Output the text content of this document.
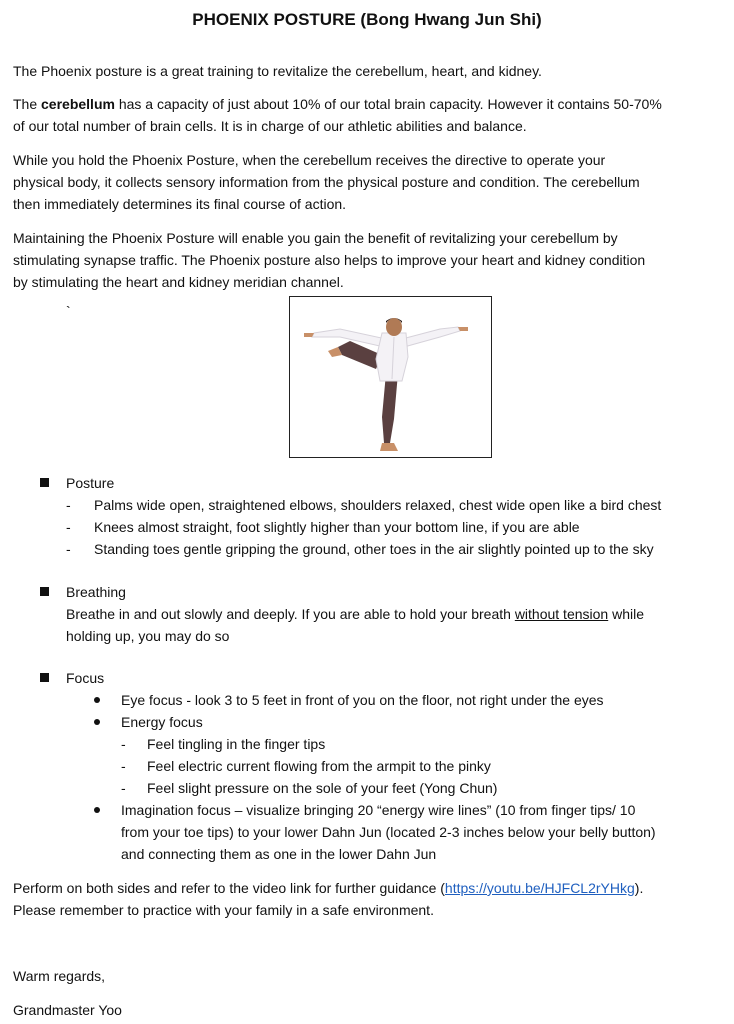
PHOENIX POSTURE (Bong Hwang Jun Shi)
The Phoenix posture is a great training to revitalize the cerebellum, heart, and kidney.
The cerebellum has a capacity of just about 10% of our total brain capacity. However it contains 50-70%
of our total number of brain cells. It is in charge of our athletic abilities and balance.
While you hold the Phoenix Posture, when the cerebellum receives the directive to operate your
physical body, it collects sensory information from the physical posture and condition. The cerebellum
then immediately determines its final course of action.
Maintaining the Phoenix Posture will enable you gain the benefit of revitalizing your cerebellum by
stimulating synapse traffic. The Phoenix posture also helps to improve your heart and kidney condition
by stimulating the heart and kidney meridian channel.
`
Posture
- Palms wide open, straightened elbows, shoulders relaxed, chest wide open like a bird chest
- Knees almost straight, foot slightly higher than your bottom line, if you are able
- Standing toes gentle gripping the ground, other toes in the air slightly pointed up to the sky
Breathing
Breathe in and out slowly and deeply. If you are able to hold your breath without tension while
holding up, you may do so
Focus
Eye focus - look 3 to 5 feet in front of you on the floor, not right under the eyes
Energy focus
- Feel tingling in the finger tips
- Feel electric current flowing from the armpit to the pinky
- Feel slight pressure on the sole of your feet (Yong Chun)
Imagination focus – visualize bringing 20 “energy wire lines” (10 from finger tips/ 10
from your toe tips) to your lower Dahn Jun (located 2-3 inches below your belly button)
and connecting them as one in the lower Dahn Jun
Perform on both sides and refer to the video link for further guidance (https://youtu.be/HJFCL2rYHkg).
Please remember to practice with your family in a safe environment.
Warm regards,
Grandmaster Yoo
